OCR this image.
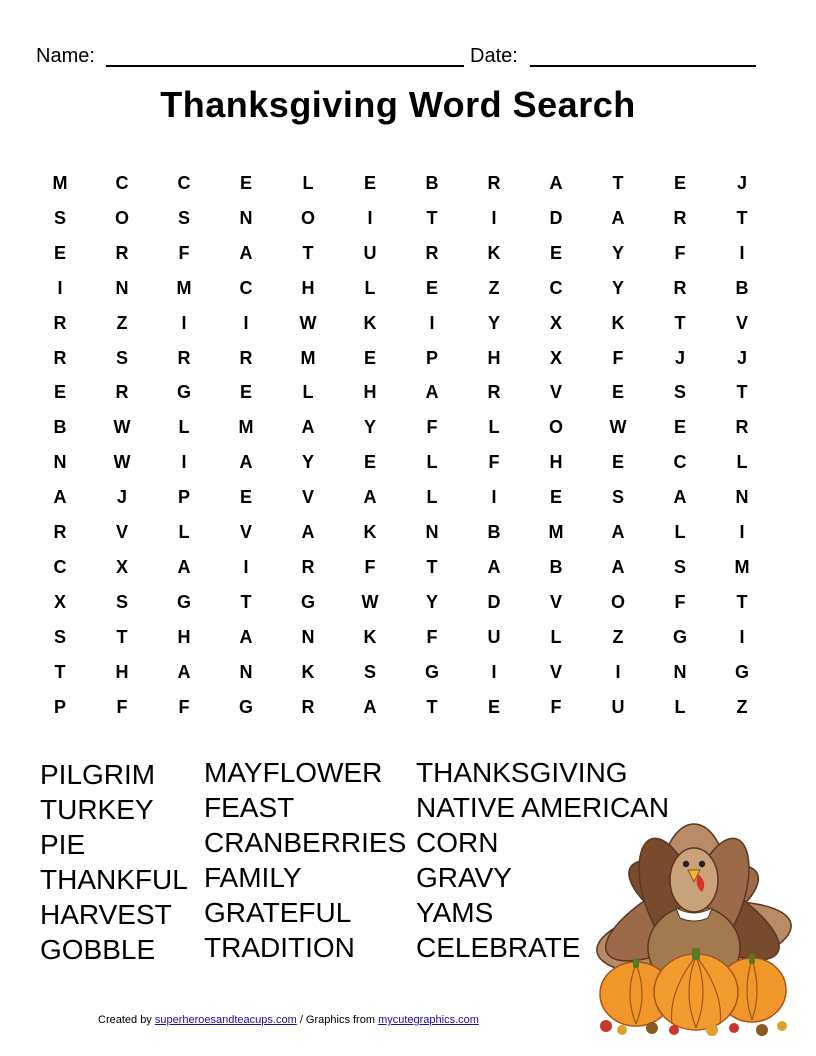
Name:	Date:
Thanksgiving Word Search
M	C	C	E	L	E	B	R	A	T	E	J
S	O	S	N	O	I	T	I	D	A	R	T
E	R	F	A	T	U	R	K	E	Y	F	I
I	N	M	C	H	L	E	Z	C	Y	R	B
R	Z	I	I	W	K	I	Y	X	K	T	V
R	S	R	R	M	E	P	H	X	F	J	J
E	R	G	E	L	H	A	R	V	E	S	T
B	W	L	M	A	Y	F	L	O	W	E	R
N	W	I	A	Y	E	L	F	H	E	C	L
A	J	P	E	V	A	L	I	E	S	A	N
R	V	L	V	A	K	N	B	M	A	L	I
C	X	A	I	R	F	T	A	B	A	S	M
X	S	G	T	G	W	Y	D	V	O	F	T
S	T	H	A	N	K	F	U	L	Z	G	I
T	H	A	N	K	S	G	I	V	I	N	G
P	F	F	G	R	A	T	E	F	U	L	Z
PILGRIM
TURKEY
PIE
THANKFUL
HARVEST
GOBBLE
MAYFLOWER
FEAST
CRANBERRIES
FAMILY
GRATEFUL
TRADITION
THANKSGIVING
NATIVE AMERICAN
CORN
GRAVY
YAMS
CELEBRATE
Created by superheroesandteacups.com / Graphics from mycutegraphics.com
